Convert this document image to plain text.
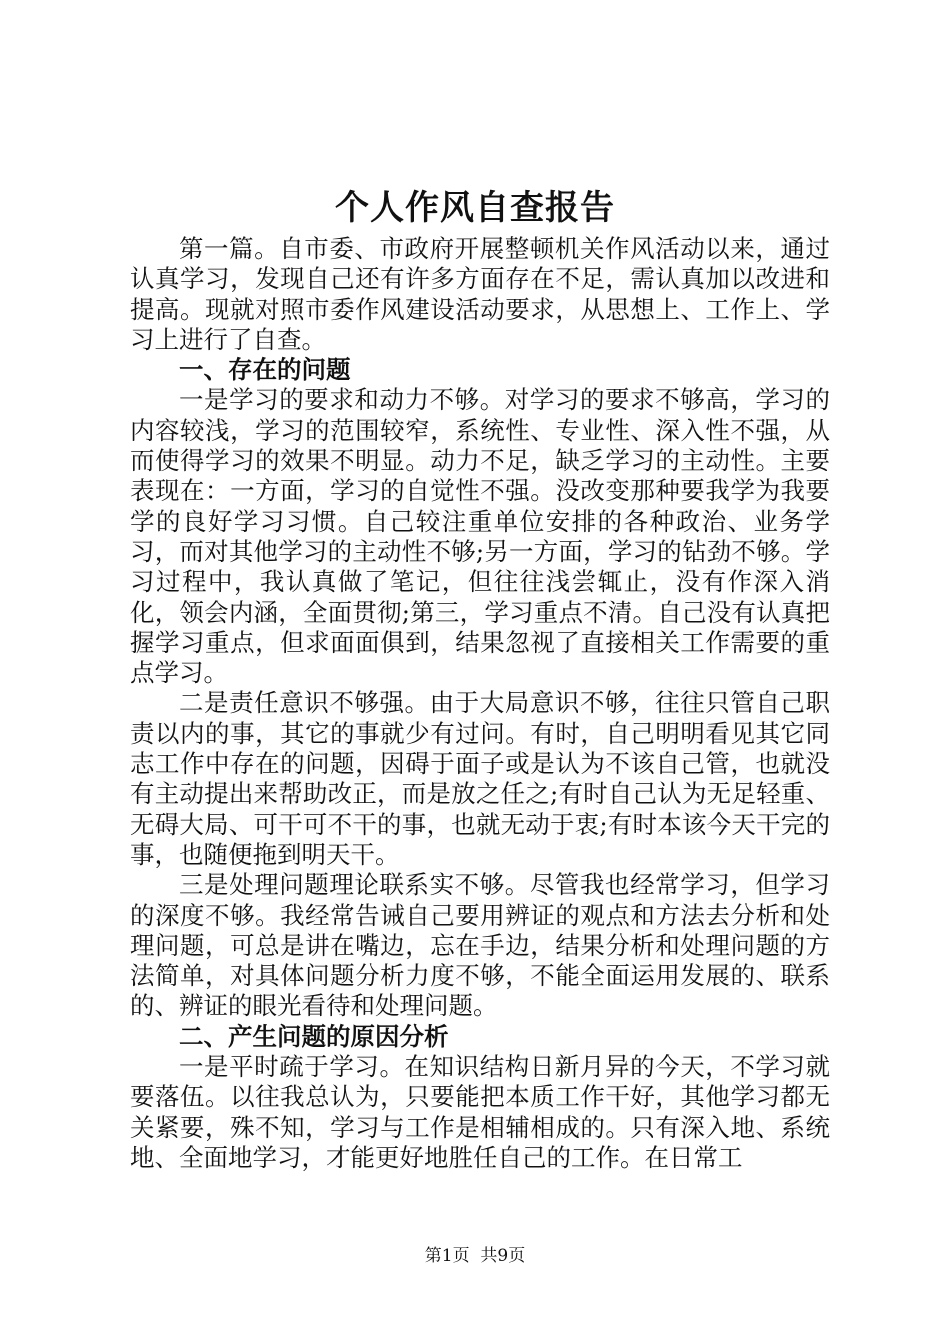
个人作风自查报告

第一篇。自市委、市政府开展整顿机关作风活动以来，通过认真学习，发现自己还有许多方面存在不足，需认真加以改进和提高。现就对照市委作风建设活动要求，从思想上、工作上、学习上进行了自查。

一、存在的问题

一是学习的要求和动力不够。对学习的要求不够高，学习的内容较浅，学习的范围较窄，系统性、专业性、深入性不强，从而使得学习的效果不明显。动力不足，缺乏学习的主动性。主要表现在：一方面，学习的自觉性不强。没改变那种要我学为我要学的良好学习习惯。自己较注重单位安排的各种政治、业务学习，而对其他学习的主动性不够;另一方面，学习的钻劲不够。学习过程中，我认真做了笔记，但往往浅尝辄止，没有作深入消化，领会内涵，全面贯彻;第三，学习重点不清。自己没有认真把握学习重点，但求面面俱到，结果忽视了直接相关工作需要的重点学习。

二是责任意识不够强。由于大局意识不够，往往只管自己职责以内的事，其它的事就少有过问。有时，自己明明看见其它同志工作中存在的问题，因碍于面子或是认为不该自己管，也就没有主动提出来帮助改正，而是放之任之;有时自己认为无足轻重、无碍大局、可干可不干的事，也就无动于衷;有时本该今天干完的事，也随便拖到明天干。

三是处理问题理论联系实不够。尽管我也经常学习，但学习的深度不够。我经常告诫自己要用辨证的观点和方法去分析和处理问题，可总是讲在嘴边，忘在手边，结果分析和处理问题的方法简单，对具体问题分析力度不够，不能全面运用发展的、联系的、辨证的眼光看待和处理问题。

二、产生问题的原因分析

一是平时疏于学习。在知识结构日新月异的今天，不学习就要落伍。以往我总认为，只要能把本质工作干好，其他学习都无关紧要，殊不知，学习与工作是相辅相成的。只有深入地、系统地、全面地学习，才能更好地胜任自己的工作。在日常工

第1页 共9页
